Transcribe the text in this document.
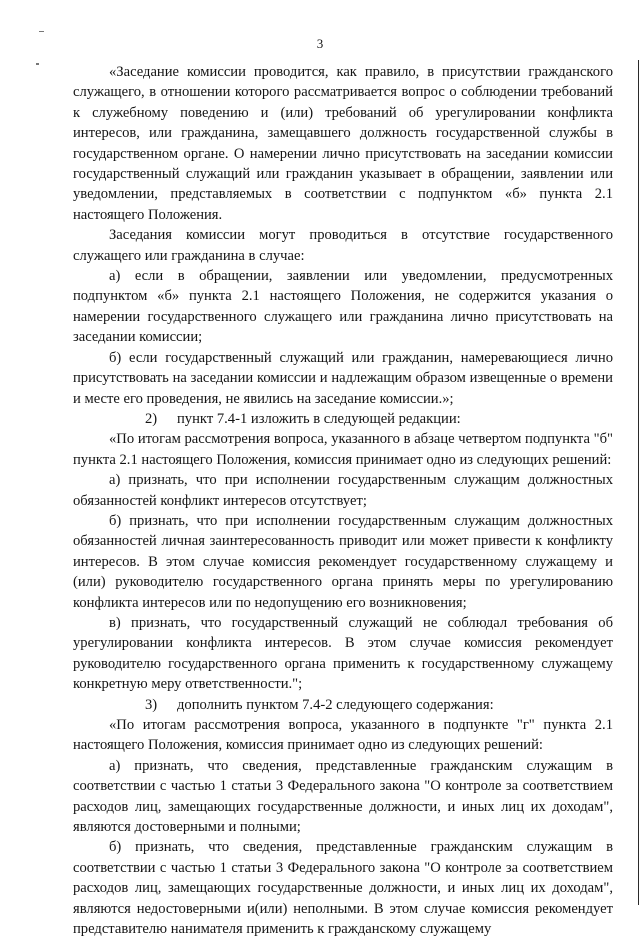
3

«Заседание комиссии проводится, как правило, в присутствии гражданского служащего, в отношении которого рассматривается вопрос о соблюдении требований к служебному поведению и (или) требований об урегулировании конфликта интересов, или гражданина, замещавшего должность государственной службы в государственном органе. О намерении лично присутствовать на заседании комиссии государственный служащий или гражданин указывает в обращении, заявлении или уведомлении, представляемых в соответствии с подпунктом «б» пункта 2.1 настоящего Положения.

Заседания комиссии могут проводиться в отсутствие государственного служащего или гражданина в случае:

а) если в обращении, заявлении или уведомлении, предусмотренных подпунктом «б» пункта 2.1 настоящего Положения, не содержится указания о намерении государственного служащего или гражданина лично присутствовать на заседании комиссии;

б) если государственный служащий или гражданин, намеревающиеся лично присутствовать на заседании комиссии и надлежащим образом извещенные о времени и месте его проведения, не явились на заседание комиссии.»;

2) пункт 7.4-1 изложить в следующей редакции:

«По итогам рассмотрения вопроса, указанного в абзаце четвертом подпункта "б" пункта 2.1 настоящего Положения, комиссия принимает одно из следующих решений:

а) признать, что при исполнении государственным служащим должностных обязанностей конфликт интересов отсутствует;

б) признать, что при исполнении государственным служащим должностных обязанностей личная заинтересованность приводит или может привести к конфликту интересов. В этом случае комиссия рекомендует государственному служащему и (или) руководителю государственного органа принять меры по урегулированию конфликта интересов или по недопущению его возникновения;

в) признать, что государственный служащий не соблюдал требования об урегулировании конфликта интересов. В этом случае комиссия рекомендует руководителю государственного органа применить к государственному служащему конкретную меру ответственности.";

3) дополнить пунктом 7.4-2 следующего содержания:

«По итогам рассмотрения вопроса, указанного в подпункте "г" пункта 2.1 настоящего Положения, комиссия принимает одно из следующих решений:

а) признать, что сведения, представленные гражданским служащим в соответствии с частью 1 статьи 3 Федерального закона "О контроле за соответствием расходов лиц, замещающих государственные должности, и иных лиц их доходам", являются достоверными и полными;

б) признать, что сведения, представленные гражданским служащим в соответствии с частью 1 статьи 3 Федерального закона "О контроле за соответствием расходов лиц, замещающих государственные должности, и иных лиц их доходам", являются недостоверными и(или) неполными. В этом случае комиссия рекомендует представителю нанимателя применить к гражданскому служащему
